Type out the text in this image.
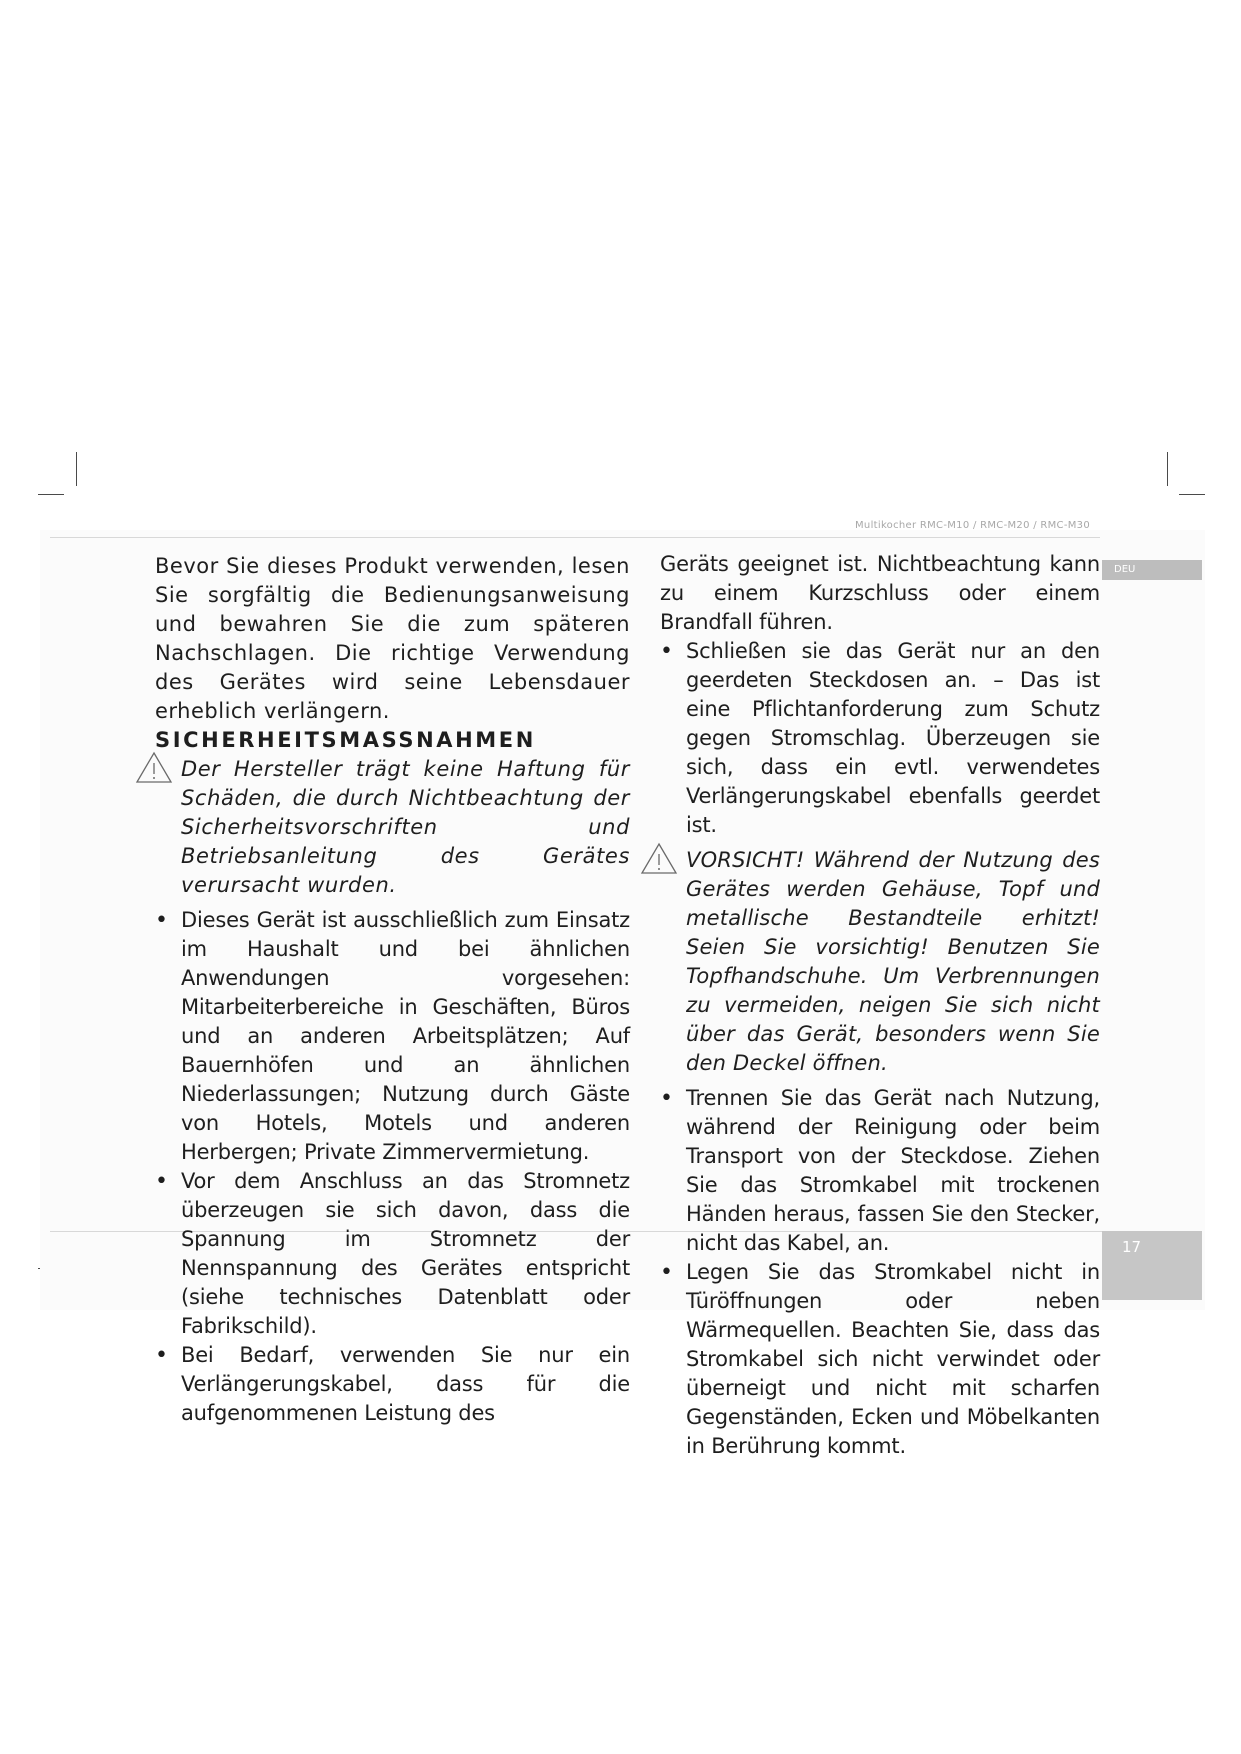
Multikocher RMC-M10 / RMC-M20 / RMC-M30
DEU
17

Bevor Sie dieses Produkt verwenden, lesen Sie sorgfältig die Bedienungsanweisung und bewahren Sie die zum späteren Nachschlagen. Die richtige Verwendung des Gerätes wird seine Lebensdauer erheblich verlängern.

SICHERHEITSMASSNAHMEN

Der Hersteller trägt keine Haftung für Schäden, die durch Nichtbeachtung der Sicherheitsvorschriften und Betriebsanleitung des Gerätes verursacht wurden.
• Dieses Gerät ist ausschließlich zum Einsatz im Haushalt und bei ähnlichen Anwendungen vorgesehen: Mitarbeiterbereiche in Geschäften, Büros und an anderen Arbeitsplätzen; Auf Bauernhöfen und an ähnlichen Niederlassungen; Nutzung durch Gäste von Hotels, Motels und anderen Herbergen; Private Zimmervermietung.
• Vor dem Anschluss an das Stromnetz überzeugen sie sich davon, dass die Spannung im Stromnetz der Nennspannung des Gerätes entspricht (siehe technisches Datenblatt oder Fabrikschild).
• Bei Bedarf, verwenden Sie nur ein Verlängerungskabel, dass für die aufgenommenen Leistung des

Geräts geeignet ist. Nichtbeachtung kann zu einem Kurzschluss oder einem Brandfall führen.

• Schließen sie das Gerät nur an den geerdeten Steckdosen an. – Das ist eine Pflichtanforderung zum Schutz gegen Stromschlag. Überzeugen sie sich, dass ein evtl. verwendetes Verlängerungskabel ebenfalls geerdet ist.
VORSICHT! Während der Nutzung des Gerätes werden Gehäuse, Topf und metallische Bestandteile erhitzt! Seien Sie vorsichtig! Benutzen Sie Topfhandschuhe. Um Verbrennungen zu vermeiden, neigen Sie sich nicht über das Gerät, besonders wenn Sie den Deckel öffnen.
• Trennen Sie das Gerät nach Nutzung, während der Reinigung oder beim Transport von der Steckdose. Ziehen Sie das Stromkabel mit trockenen Händen heraus, fassen Sie den Stecker, nicht das Kabel, an.
• Legen Sie das Stromkabel nicht in Türöffnungen oder neben Wärmequellen. Beachten Sie, dass das Stromkabel sich nicht verwindet oder überneigt und nicht mit scharfen Gegenständen, Ecken und Möbelkanten in Berührung kommt.
